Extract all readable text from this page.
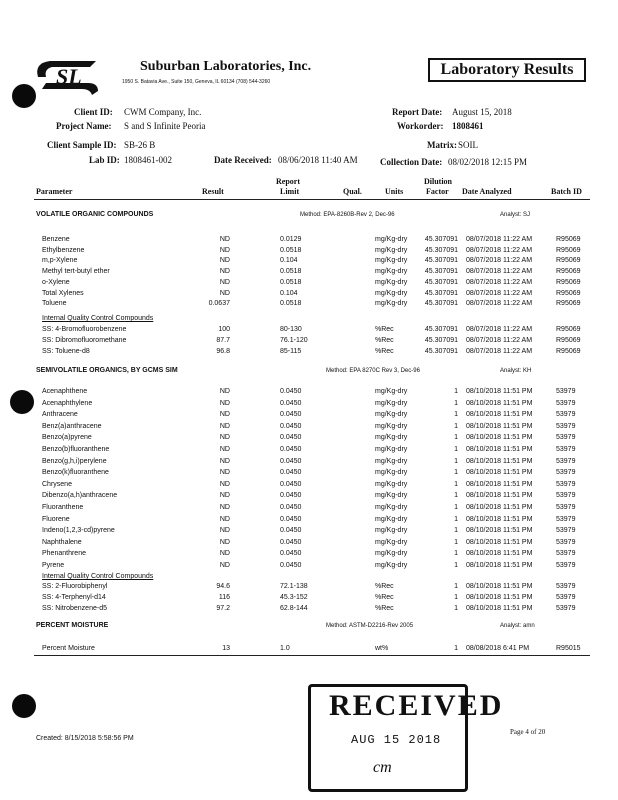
SL	Suburban Laboratories, Inc.
1950 S. Batavia Ave., Suite 150, Geneva, IL 60134 (708) 544-3260
Laboratory Results
Client ID: CWM Company, Inc.
Project Name: S and S Infinite Peoria
Report Date: August 15, 2018
Workorder: 1808461
Client Sample ID: SB-26 B
Lab ID: 1808461-002	Date Received: 08/06/2018 11:40 AM
Matrix: SOIL
Collection Date: 08/02/2018 12:15 PM
Parameter	Result
Report
Limit	Qual.	Units
Dilution
Factor Date Analyzed	Batch ID
VOLATILE ORGANIC COMPOUNDS	Method: EPA-8260B-Rev 2, Dec-96	Analyst: SJ
Benzene	ND	0.0129	mg/Kg-dry	45.307091 08/07/2018 11:22 AM	R95069
Ethylbenzene	ND	0.0518	mg/Kg-dry	45.307091 08/07/2018 11:22 AM	R95069
m,p-Xylene	ND	0.104	mg/Kg-dry	45.307091 08/07/2018 11:22 AM	R95069
Methyl tert-butyl ether	ND	0.0518	mg/Kg-dry	45.307091 08/07/2018 11:22 AM	R95069
o-Xylene	ND	0.0518	mg/Kg-dry	45.307091 08/07/2018 11:22 AM	R95069
Total Xylenes	ND	0.104	mg/Kg-dry	45.307091 08/07/2018 11:22 AM	R95069
Toluene	0.0637	0.0518	mg/Kg-dry	45.307091 08/07/2018 11:22 AM	R95069
Internal Quality Control Compounds
SS: 4-Bromofluorobenzene	100	80-130	%Rec	45.307091 08/07/2018 11:22 AM	R95069
SS: Dibromofluoromethane	87.7	76.1-120	%Rec	45.307091 08/07/2018 11:22 AM	R95069
SS: Toluene-d8	96.8	85-115	%Rec	45.307091 08/07/2018 11:22 AM	R95069
SEMIVOLATILE ORGANICS, BY GCMS SIM	Method: EPA 8270C Rev 3, Dec-96	Analyst: KH
Acenaphthene	ND	0.0450	mg/Kg-dry	1 08/10/2018 11:51 PM	53979
Acenaphthylene	ND	0.0450	mg/Kg-dry	1 08/10/2018 11:51 PM	53979
Anthracene	ND	0.0450	mg/Kg-dry	1 08/10/2018 11:51 PM	53979
Benz(a)anthracene	ND	0.0450	mg/Kg-dry	1 08/10/2018 11:51 PM	53979
Benzo(a)pyrene	ND	0.0450	mg/Kg-dry	1 08/10/2018 11:51 PM	53979
Benzo(b)fluoranthene	ND	0.0450	mg/Kg-dry	1 08/10/2018 11:51 PM	53979
Benzo(g,h,i)perylene	ND	0.0450	mg/Kg-dry	1 08/10/2018 11:51 PM	53979
Benzo(k)fluoranthene	ND	0.0450	mg/Kg-dry	1 08/10/2018 11:51 PM	53979
Chrysene	ND	0.0450	mg/Kg-dry	1 08/10/2018 11:51 PM	53979
Dibenzo(a,h)anthracene	ND	0.0450	mg/Kg-dry	1 08/10/2018 11:51 PM	53979
Fluoranthene	ND	0.0450	mg/Kg-dry	1 08/10/2018 11:51 PM	53979
Fluorene	ND	0.0450	mg/Kg-dry	1 08/10/2018 11:51 PM	53979
Indeno(1,2,3-cd)pyrene	ND	0.0450	mg/Kg-dry	1 08/10/2018 11:51 PM	53979
Naphthalene	ND	0.0450	mg/Kg-dry	1 08/10/2018 11:51 PM	53979
Phenanthrene	ND	0.0450	mg/Kg-dry	1 08/10/2018 11:51 PM	53979
Pyrene	ND	0.0450	mg/Kg-dry	1 08/10/2018 11:51 PM	53979
Internal Quality Control Compounds
SS: 2-Fluorobiphenyl	94.6	72.1-138	%Rec	1 08/10/2018 11:51 PM	53979
SS: 4-Terphenyl-d14	116	45.3-152	%Rec	1 08/10/2018 11:51 PM	53979
SS: Nitrobenzene-d5	97.2	62.8-144	%Rec	1 08/10/2018 11:51 PM	53979
PERCENT MOISTURE	Method: ASTM-D2216-Rev 2005	Analyst: amn
Percent Moisture	13	1.0	wt%	1 08/08/2018 6:41 PM	R95015
RECEIVED
AUG 15 2018
cm
Created: 8/15/2018 5:58:56 PM
Page 4 of 20
